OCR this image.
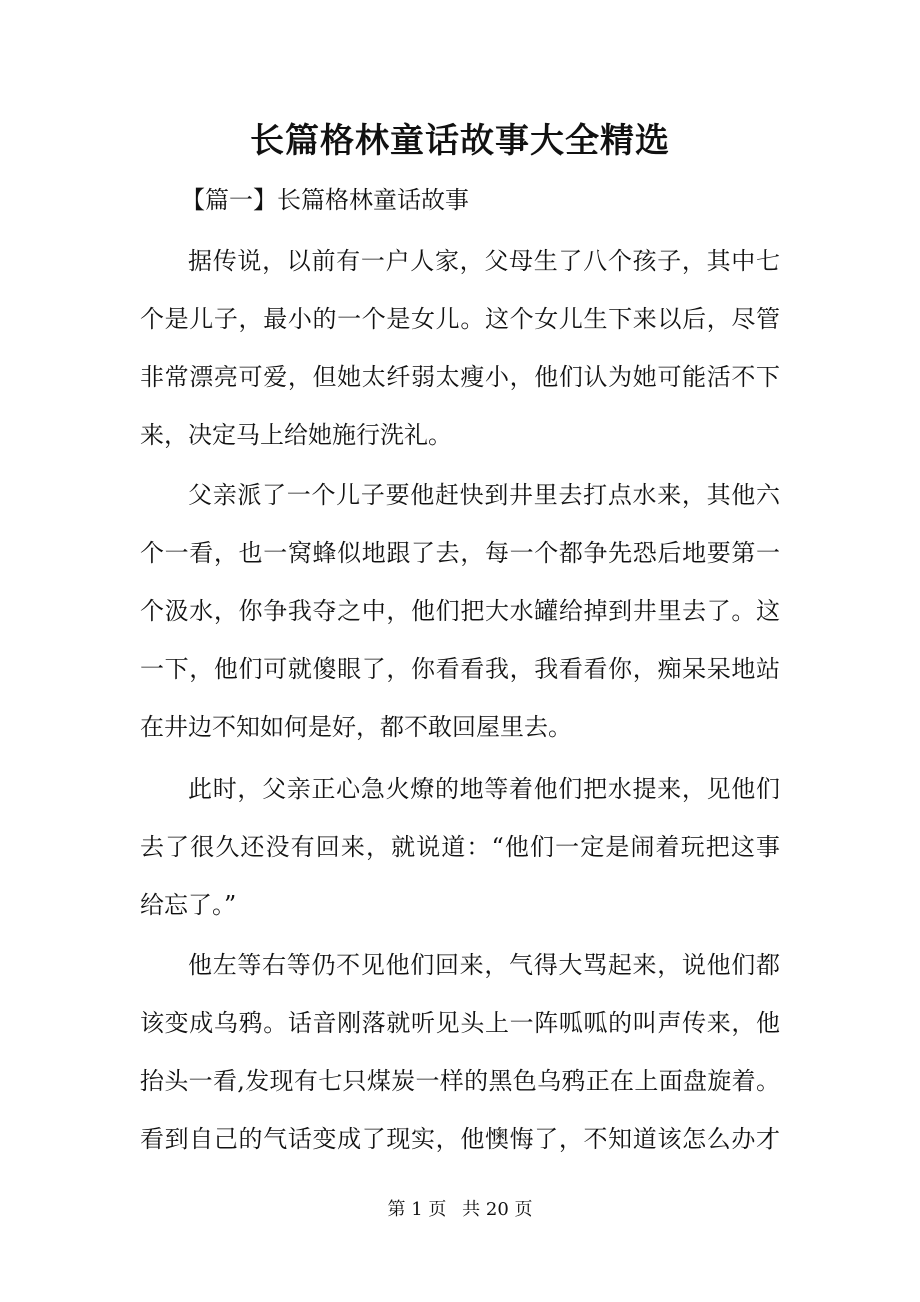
长篇格林童话故事大全精选
【篇一】长篇格林童话故事
据传说，以前有一户人家，父母生了八个孩子，其中七
个是儿子，最小的一个是女儿。这个女儿生下来以后，尽管
非常漂亮可爱，但她太纤弱太瘦小，他们认为她可能活不下
来，决定马上给她施行洗礼。
父亲派了一个儿子要他赶快到井里去打点水来，其他六
个一看，也一窝蜂似地跟了去，每一个都争先恐后地要第一
个汲水，你争我夺之中，他们把大水罐给掉到井里去了。这
一下，他们可就傻眼了，你看看我，我看看你，痴呆呆地站
在井边不知如何是好，都不敢回屋里去。
此时，父亲正心急火燎的地等着他们把水提来，见他们
去了很久还没有回来，就说道：“他们一定是闹着玩把这事
给忘了。”
他左等右等仍不见他们回来，气得大骂起来，说他们都
该变成乌鸦。话音刚落就听见头上一阵呱呱的叫声传来，他
抬头一看,发现有七只煤炭一样的黑色乌鸦正在上面盘旋着。
看到自己的气话变成了现实，他懊悔了，不知道该怎么办才
第 1 页 共 20 页
